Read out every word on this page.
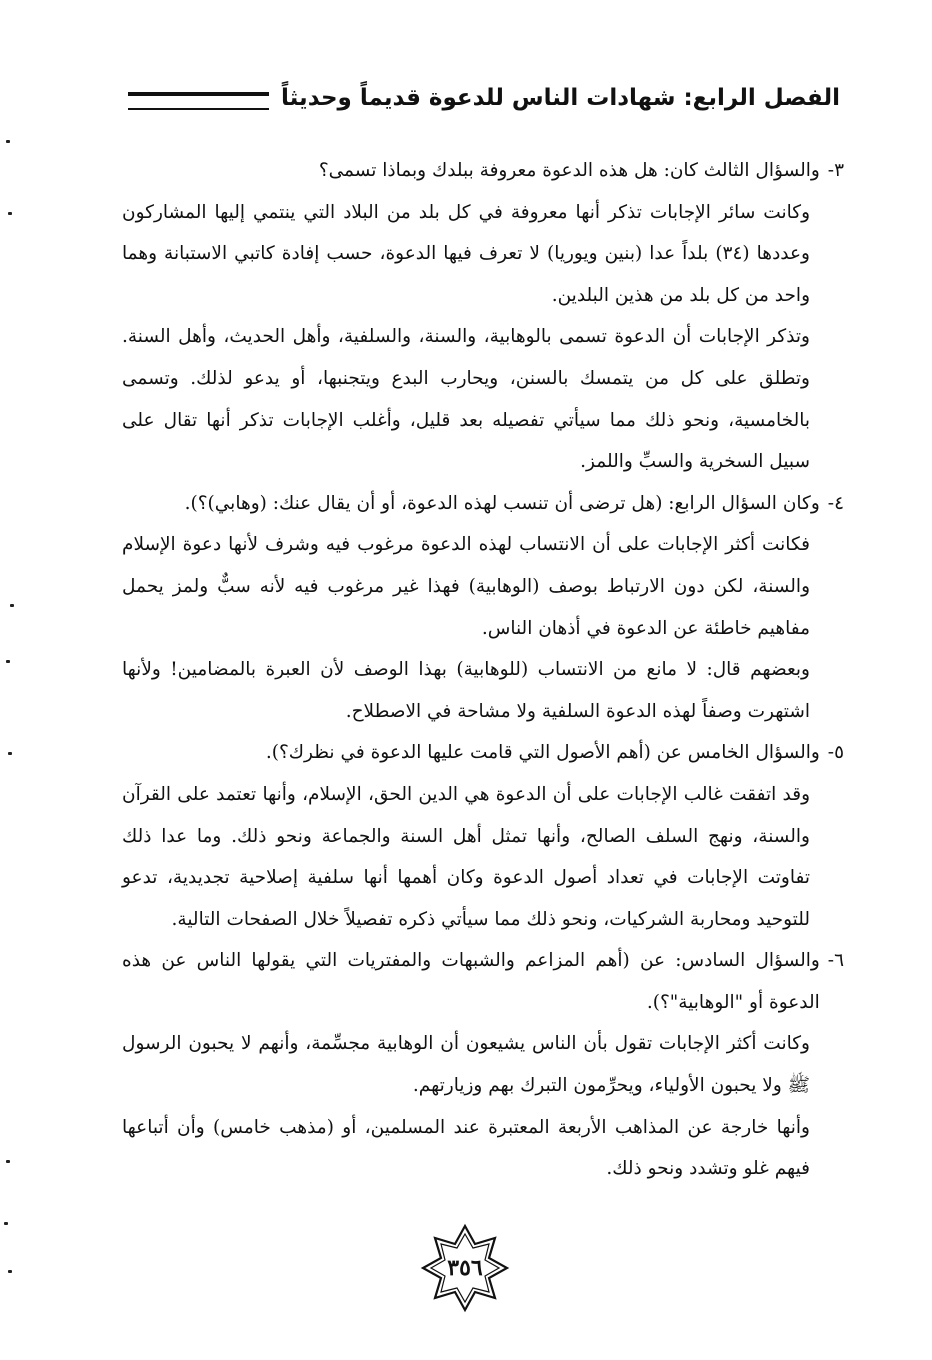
الفصل الرابع: شهادات الناس للدعوة قديماً وحديثاً
٣-
والسؤال الثالث كان: هل هذه الدعوة معروفة ببلدك وبماذا تسمى؟

وكانت سائر الإجابات تذكر أنها معروفة في كل بلد من البلاد التي ينتمي إليها المشاركون وعددها (٣٤) بلداً عدا (بنين ويوريا) لا تعرف فيها الدعوة، حسب إفادة كاتبي الاستبانة وهما واحد من كل بلد من هذين البلدين.

وتذكر الإجابات أن الدعوة تسمى بالوهابية، والسنة، والسلفية، وأهل الحديث، وأهل السنة. وتطلق على كل من يتمسك بالسنن، ويحارب البدع ويتجنبها، أو يدعو لذلك. وتسمى بالخامسية، ونحو ذلك مما سيأتي تفصيله بعد قليل، وأغلب الإجابات تذكر أنها تقال على سبيل السخرية والسبِّ واللمز.

٤-
وكان السؤال الرابع: (هل ترضى أن تنسب لهذه الدعوة، أو أن يقال عنك: (وهابي)؟).

فكانت أكثر الإجابات على أن الانتساب لهذه الدعوة مرغوب فيه وشرف لأنها دعوة الإسلام والسنة، لكن دون الارتباط بوصف (الوهابية) فهذا غير مرغوب فيه لأنه سبٌّ ولمز يحمل مفاهيم خاطئة عن الدعوة في أذهان الناس.

وبعضهم قال: لا مانع من الانتساب (للوهابية) بهذا الوصف لأن العبرة بالمضامين! ولأنها اشتهرت وصفاً لهذه الدعوة السلفية ولا مشاحة في الاصطلاح.

٥-
والسؤال الخامس عن (أهم الأصول التي قامت عليها الدعوة في نظرك؟).

وقد اتفقت غالب الإجابات على أن الدعوة هي الدين الحق، الإسلام، وأنها تعتمد على القرآن والسنة، ونهج السلف الصالح، وأنها تمثل أهل السنة والجماعة ونحو ذلك. وما عدا ذلك تفاوتت الإجابات في تعداد أصول الدعوة وكان أهمها أنها سلفية إصلاحية تجديدية، تدعو للتوحيد ومحاربة الشركيات، ونحو ذلك مما سيأتي ذكره تفصيلاً خلال الصفحات التالية.

٦-
والسؤال السادس: عن (أهم المزاعم والشبهات والمفتريات التي يقولها الناس عن هذه الدعوة أو "الوهابية"؟).

وكانت أكثر الإجابات تقول بأن الناس يشيعون أن الوهابية مجسِّمة، وأنهم لا يحبون الرسول ﷺ ولا يحبون الأولياء، ويحرِّمون التبرك بهم وزيارتهم.

وأنها خارجة عن المذاهب الأربعة المعتبرة عند المسلمين، أو (مذهب خامس) وأن أتباعها فيهم غلو وتشدد ونحو ذلك.

٣٥٦
